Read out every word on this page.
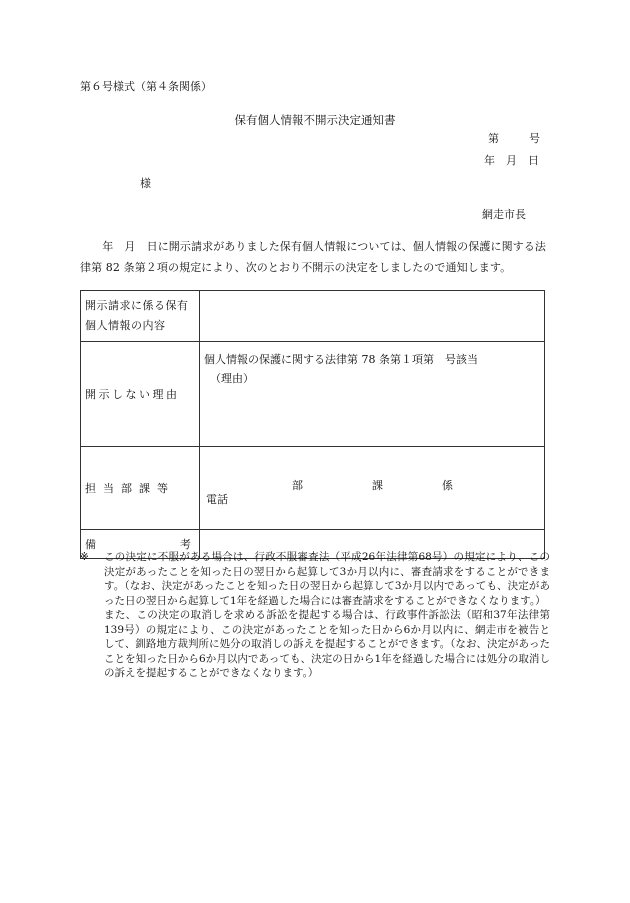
第６号様式（第４条関係）
保有個人情報不開示決定通知書
第	号
年　月　日
様
網走市長
　　年　月　日に開示請求がありました保有個人情報については、個人情報の保護に関する法律第 82 条第２項の規定により、次のとおり不開示の決定をしましたので通知します。
開示請求に係る保有個人情報の内容	
開示しない理由	個人情報の保護に関する法律第 78 条第１項第　号該当
（理由）

担当部課等	部 課 係
電話

備 考	

※ この決定に不服がある場合は、行政不服審査法（平成26年法律第68号）の規定により、この決定があったことを知った日の翌日から起算して3か月以内に、審査請求をすることができます。（なお、決定があったことを知った日の翌日から起算して3か月以内であっても、決定があった日の翌日から起算して1年を経過した場合には審査請求をすることができなくなります。）
また、この決定の取消しを求める訴訟を提起する場合は、行政事件訴訟法（昭和37年法律第139号）の規定により、この決定があったことを知った日から6か月以内に、網走市を被告として、釧路地方裁判所に処分の取消しの訴えを提起することができます。（なお、決定があったことを知った日から6か月以内であっても、決定の日から1年を経過した場合には処分の取消しの訴えを提起することができなくなります。）
